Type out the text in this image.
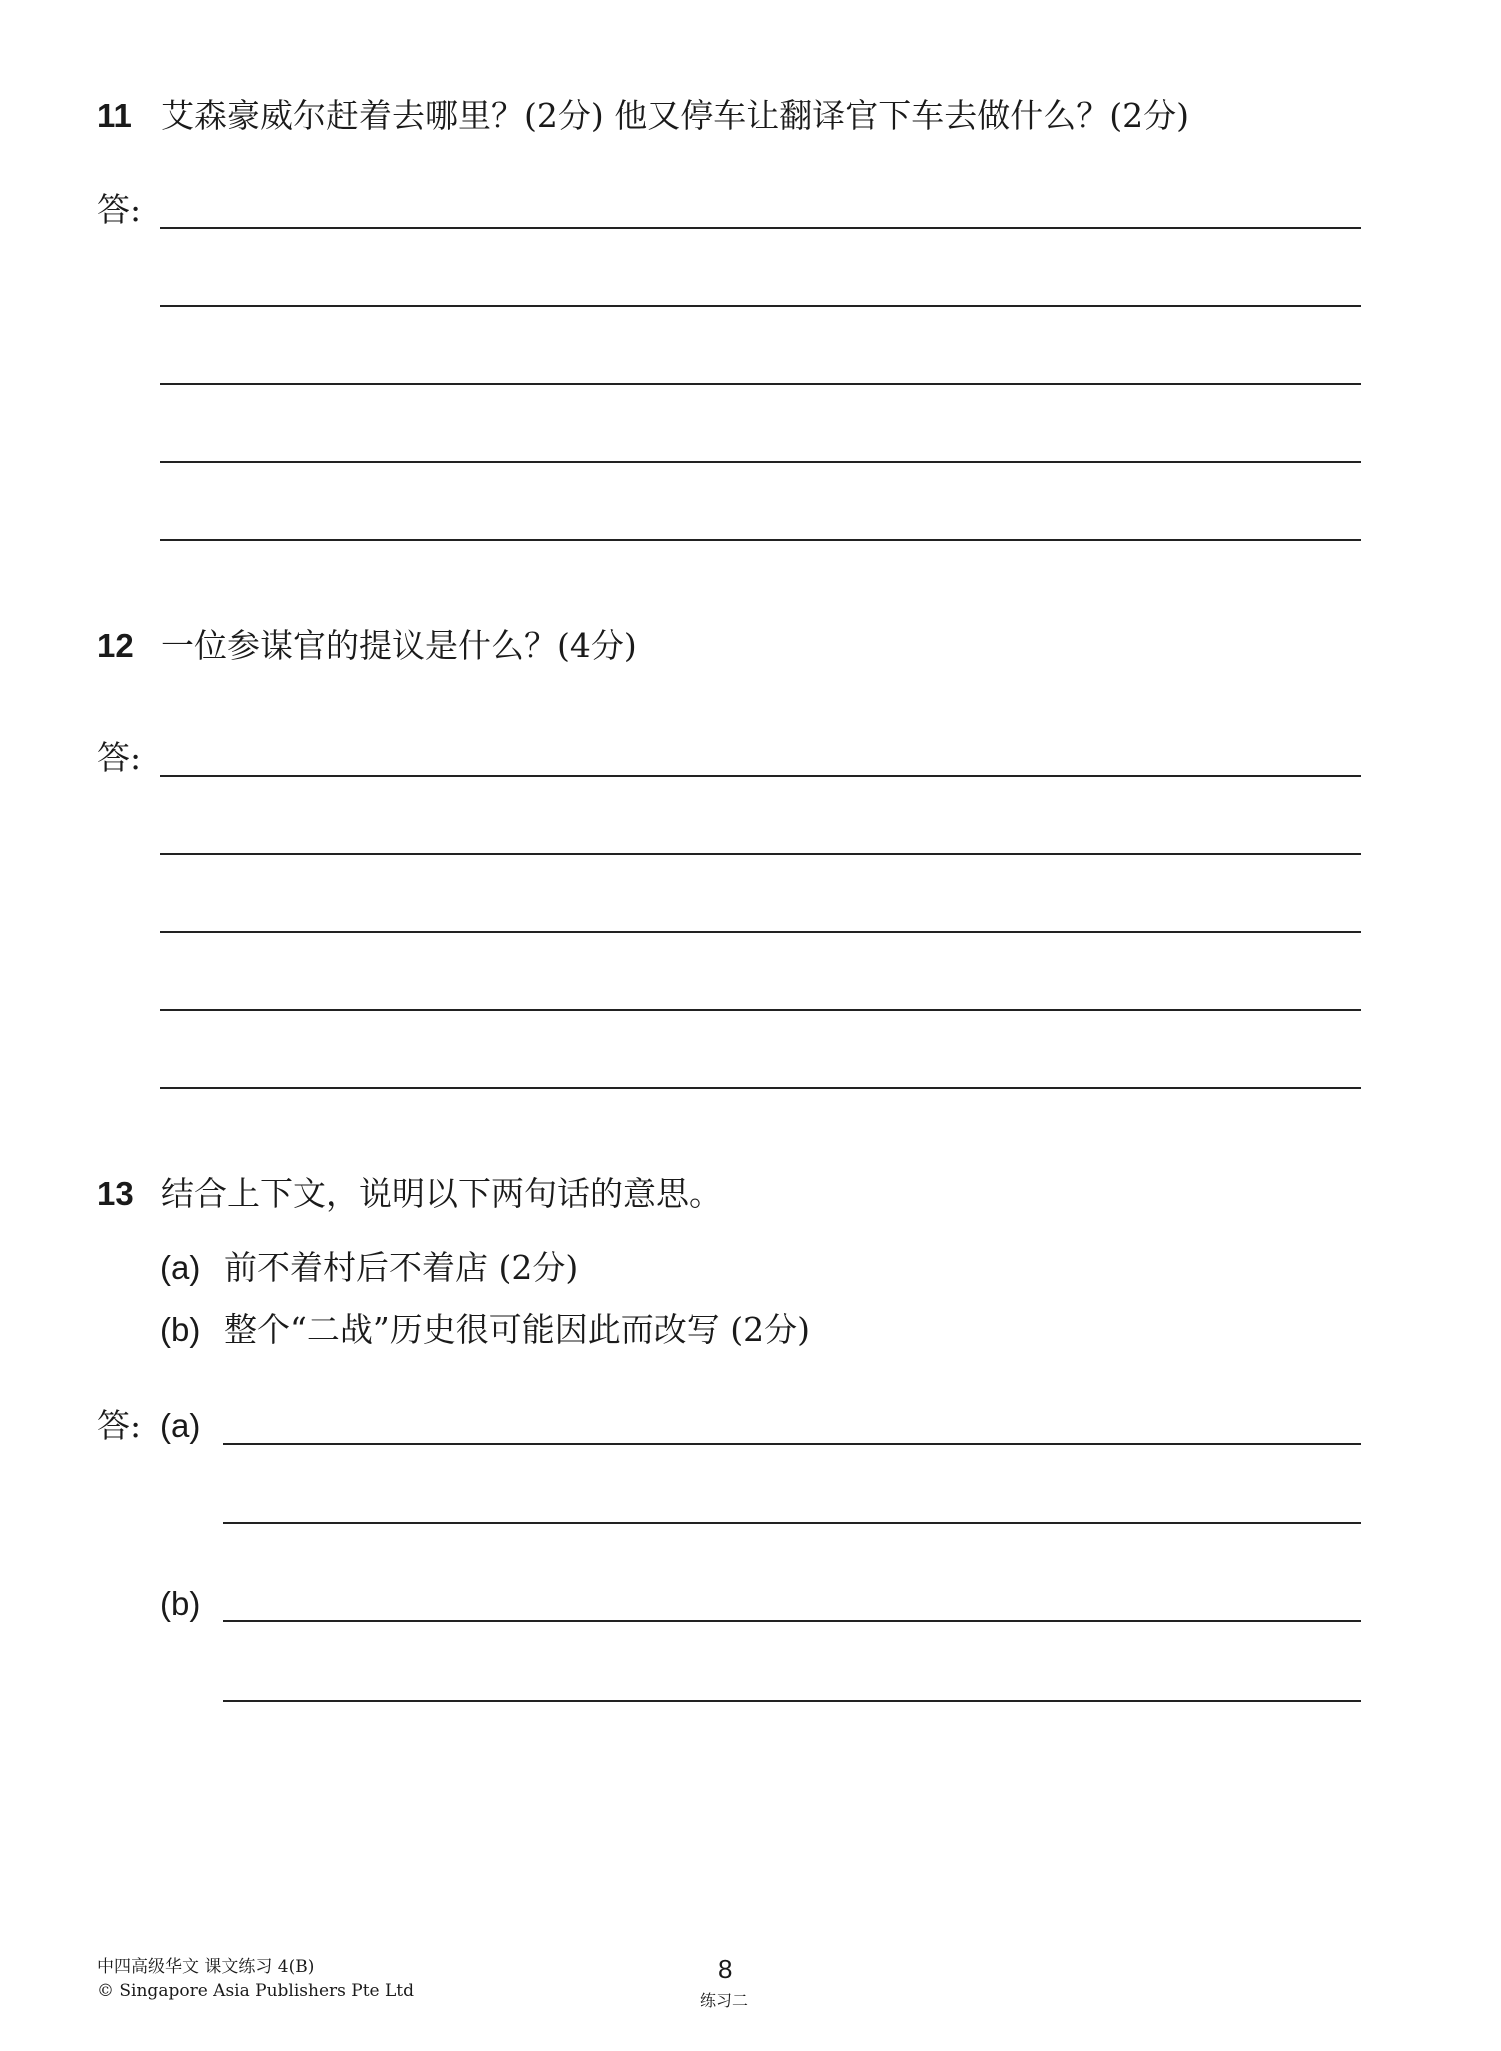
11 艾森豪威尔赶着去哪里？(2分) 他又停车让翻译官下车去做什么？(2分)
答:
12 一位参谋官的提议是什么？(4分)
答:
13 结合上下文，说明以下两句话的意思。
(a) 前不着村后不着店 (2分)
(b) 整个“二战”历史很可能因此而改写 (2分)
答: (a)
(b)
中四高级华文 课文练习 4(B)
© Singapore Asia Publishers Pte Ltd
8
练习二
